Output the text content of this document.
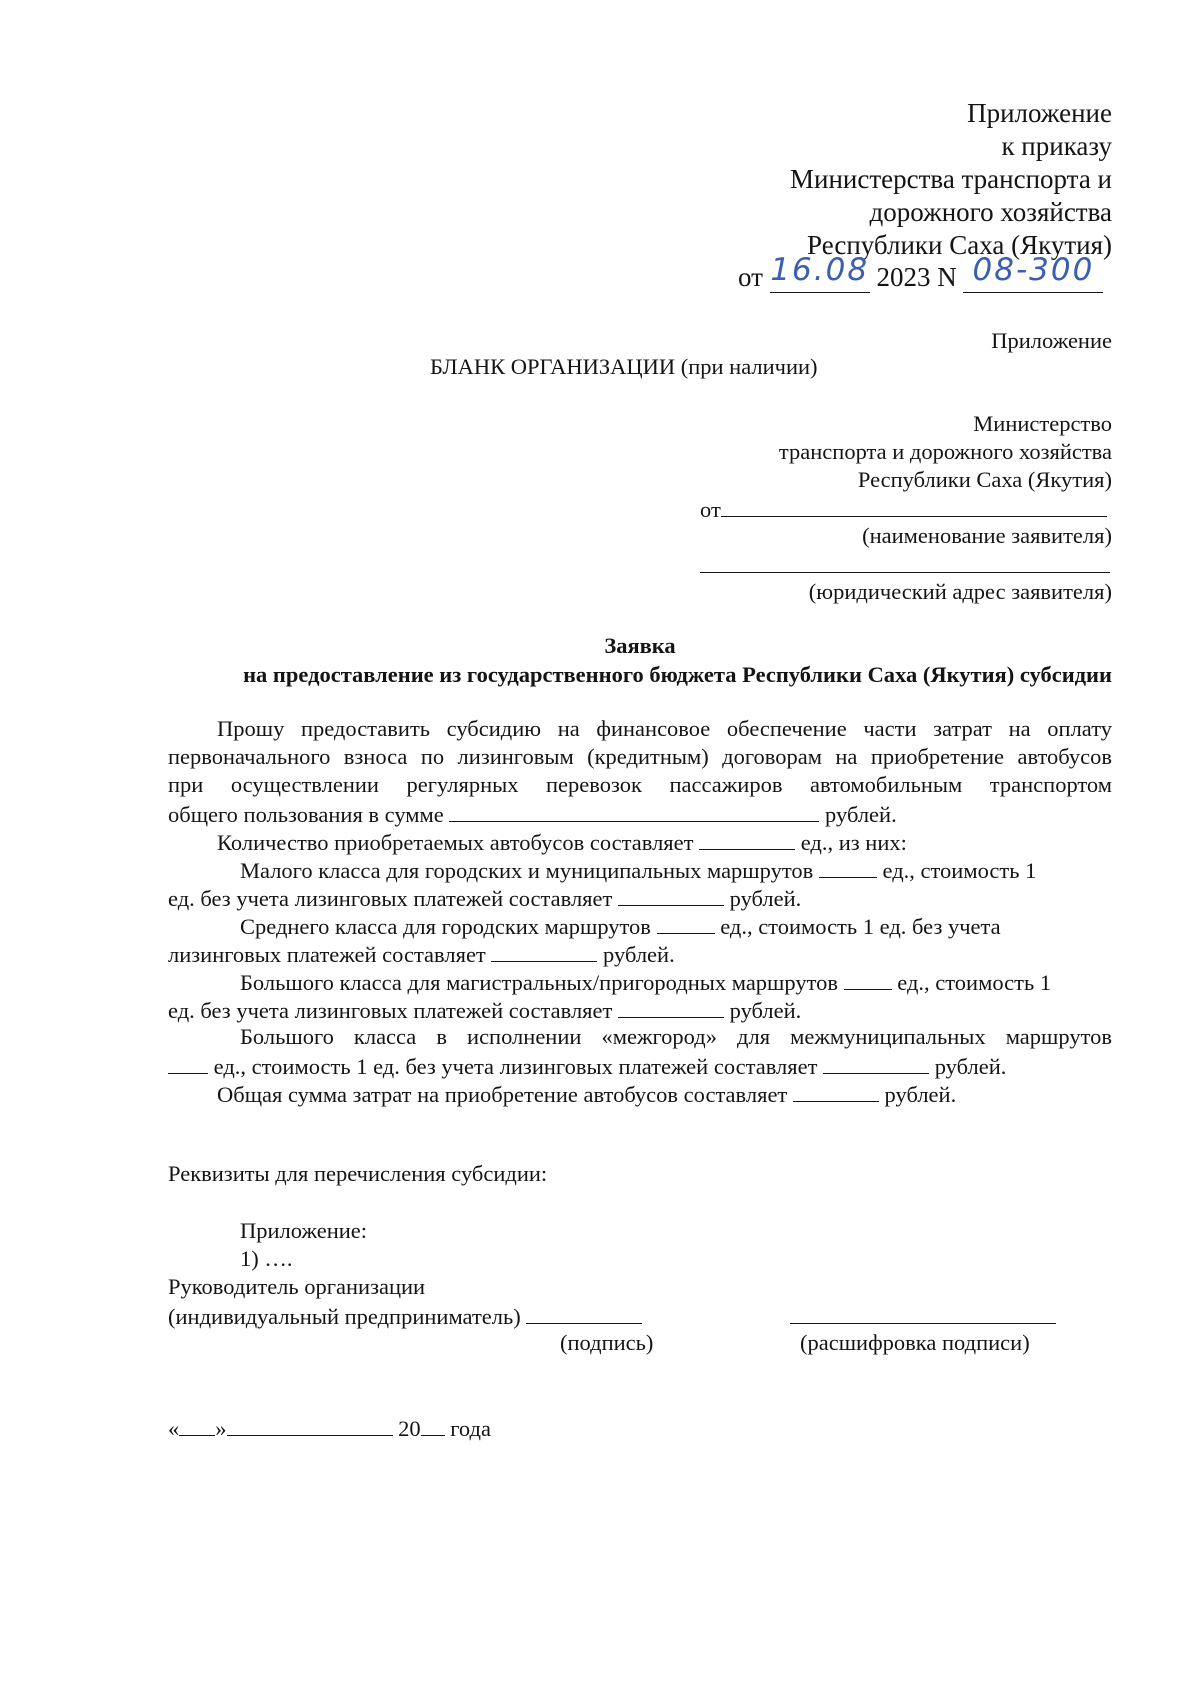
Приложение
к приказу
Министерства транспорта и
дорожного хозяйства
Республики Саха (Якутия)
от 16.08 2023 N 08-300
Приложение
БЛАНК ОРГАНИЗАЦИИ (при наличии)
Министерство
транспорта и дорожного хозяйства
Республики Саха (Якутия)
от
(наименование заявителя)
(юридический адрес заявителя)
Заявка
на предоставление из государственного бюджета Республики Саха (Якутия) субсидии
Прошу предоставить субсидию на финансовое обеспечение части затрат на оплату
первоначального взноса по лизинговым (кредитным) договорам на приобретение автобусов
при осуществлении регулярных перевозок пассажиров автомобильным транспортом
общего пользования в сумме	рублей.
Количество приобретаемых автобусов составляет	ед., из них:
Малого класса для городских и муниципальных маршрутов	ед., стоимость 1
ед. без учета лизинговых платежей составляет	рублей.
Среднего класса для городских маршрутов	ед., стоимость 1 ед. без учета
лизинговых платежей составляет	рублей.
Большого класса для магистральных/пригородных маршрутов	ед., стоимость 1
ед. без учета лизинговых платежей составляет	рублей.
Большого класса в исполнении «межгород» для межмуниципальных маршрутов
ед., стоимость 1 ед. без учета лизинговых платежей составляет	рублей.
Общая сумма затрат на приобретение автобусов составляет	рублей.
Реквизиты для перечисления субсидии:
Приложение:
1) ….
Руководитель организации
(индивидуальный предприниматель)
(подпись)	(расшифровка подписи)
« »	20 года
